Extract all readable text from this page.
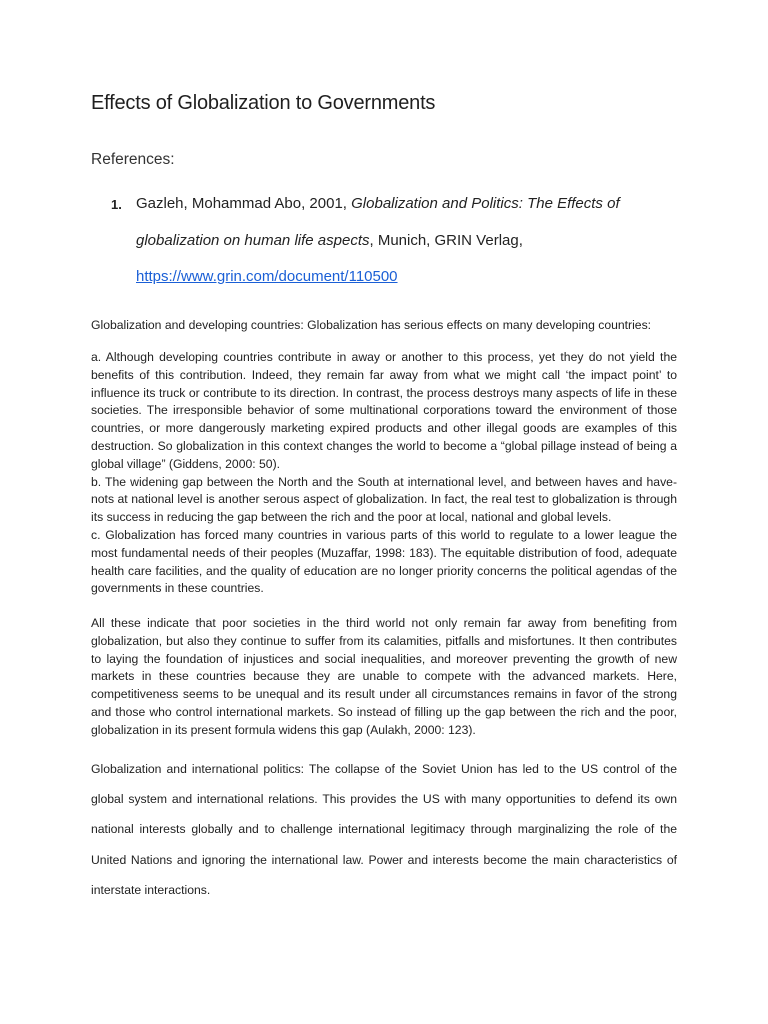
Effects of Globalization to Governments

References:

1. Gazleh, Mohammad Abo, 2001, Globalization and Politics: The Effects of
globalization on human life aspects, Munich, GRIN Verlag,
https://www.grin.com/document/110500

Globalization and developing countries: Globalization has serious effects on many developing countries:

a. Although developing countries contribute in away or another to this process, yet they do not yield the benefits of this contribution. Indeed, they remain far away from what we might call ‘the impact point’ to influence its truck or contribute to its direction. In contrast, the process destroys many aspects of life in these societies. The irresponsible behavior of some multinational corporations toward the environment of those countries, or more dangerously marketing expired products and other illegal goods are examples of this destruction. So globalization in this context changes the world to become a “global pillage instead of being a global village” (Giddens, 2000: 50).
b. The widening gap between the North and the South at international level, and between haves and have-nots at national level is another serous aspect of globalization. In fact, the real test to globalization is through its success in reducing the gap between the rich and the poor at local, national and global levels.
c. Globalization has forced many countries in various parts of this world to regulate to a lower league the most fundamental needs of their peoples (Muzaffar, 1998: 183). The equitable distribution of food, adequate health care facilities, and the quality of education are no longer priority concerns the political agendas of the governments in these countries.

All these indicate that poor societies in the third world not only remain far away from benefiting from globalization, but also they continue to suffer from its calamities, pitfalls and misfortunes. It then contributes to laying the foundation of injustices and social inequalities, and moreover preventing the growth of new markets in these countries because they are unable to compete with the advanced markets. Here, competitiveness seems to be unequal and its result under all circumstances remains in favor of the strong and those who control international markets. So instead of filling up the gap between the rich and the poor, globalization in its present formula widens this gap (Aulakh, 2000: 123).

Globalization and international politics: The collapse of the Soviet Union has led to the US control of the global system and international relations. This provides the US with many opportunities to defend its own national interests globally and to challenge international legitimacy through marginalizing the role of the United Nations and ignoring the international law. Power and interests become the main characteristics of interstate interactions.
